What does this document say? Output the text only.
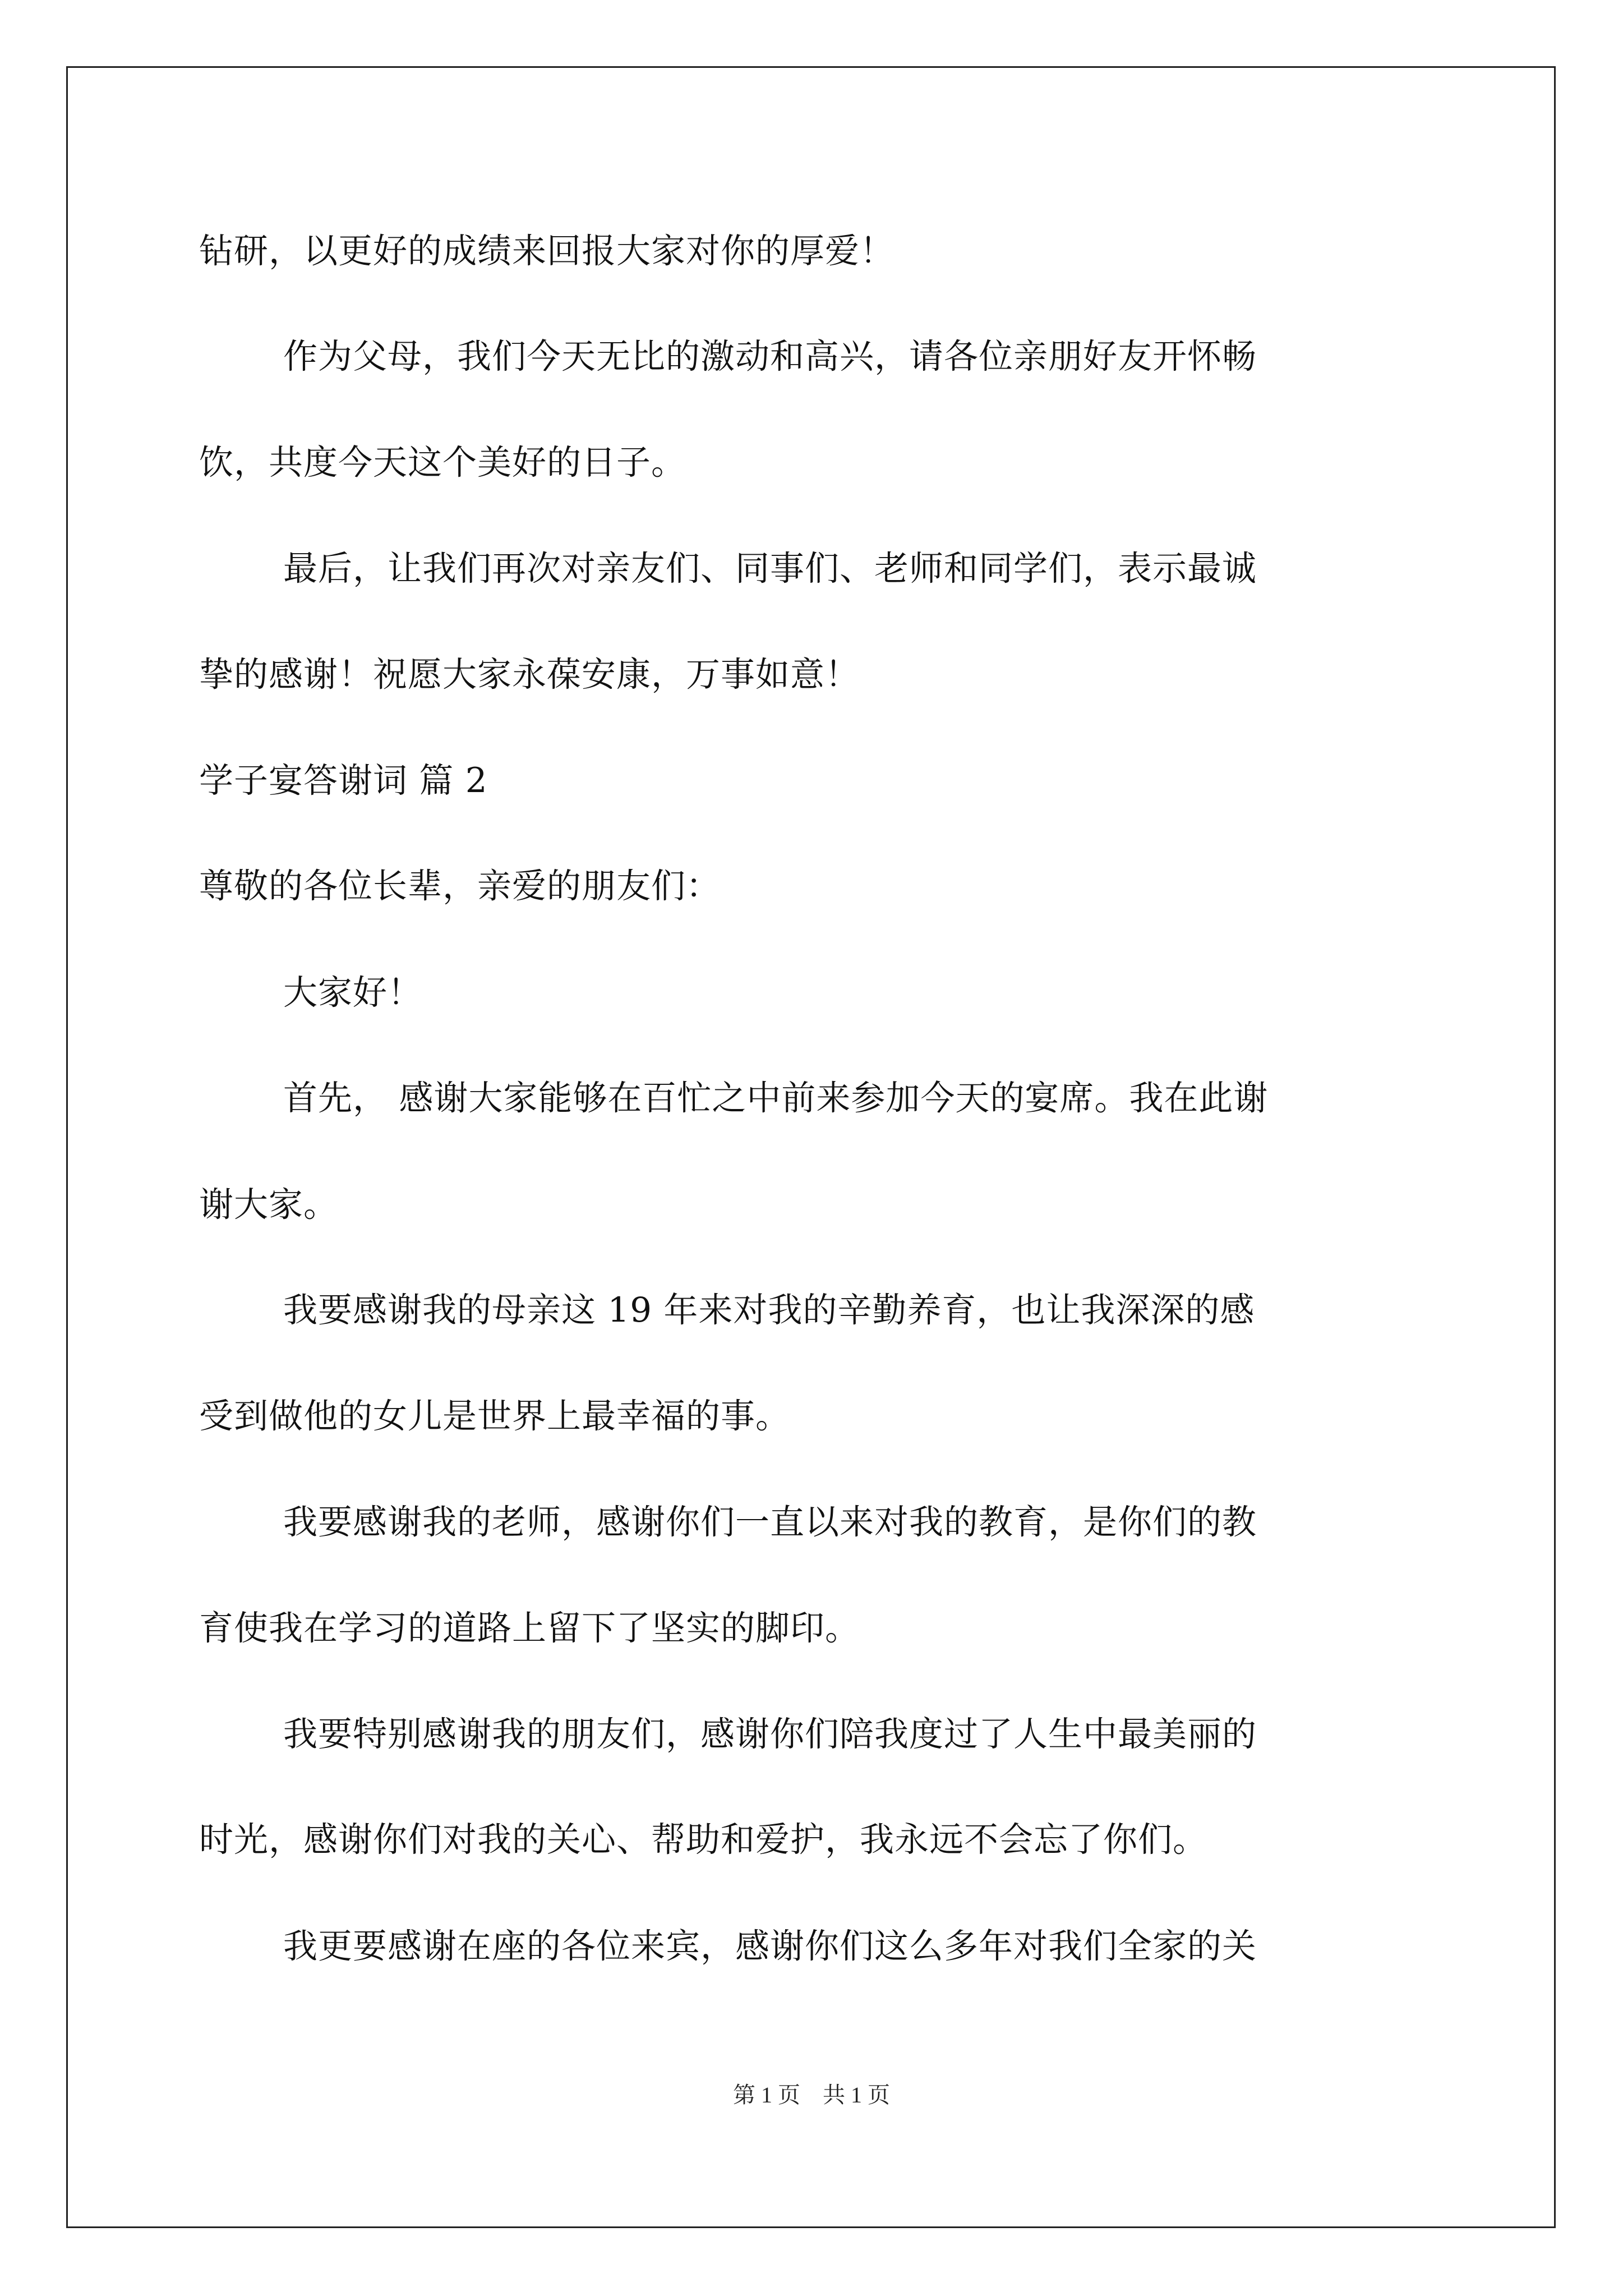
钻研，以更好的成绩来回报大家对你的厚爱！
作为父母，我们今天无比的激动和高兴，请各位亲朋好友开怀畅
饮，共度今天这个美好的日子。
最后，让我们再次对亲友们、同事们、老师和同学们，表示最诚
挚的感谢！祝愿大家永葆安康，万事如意！
学子宴答谢词 篇 2
尊敬的各位长辈，亲爱的朋友们：
大家好！
首先， 感谢大家能够在百忙之中前来参加今天的宴席。我在此谢
谢大家。
我要感谢我的母亲这 19 年来对我的辛勤养育，也让我深深的感
受到做他的女儿是世界上最幸福的事。
我要感谢我的老师，感谢你们一直以来对我的教育，是你们的教
育使我在学习的道路上留下了坚实的脚印。
我要特别感谢我的朋友们，感谢你们陪我度过了人生中最美丽的
时光，感谢你们对我的关心、帮助和爱护，我永远不会忘了你们。
我更要感谢在座的各位来宾，感谢你们这么多年对我们全家的关
第 1 页　共 1 页
